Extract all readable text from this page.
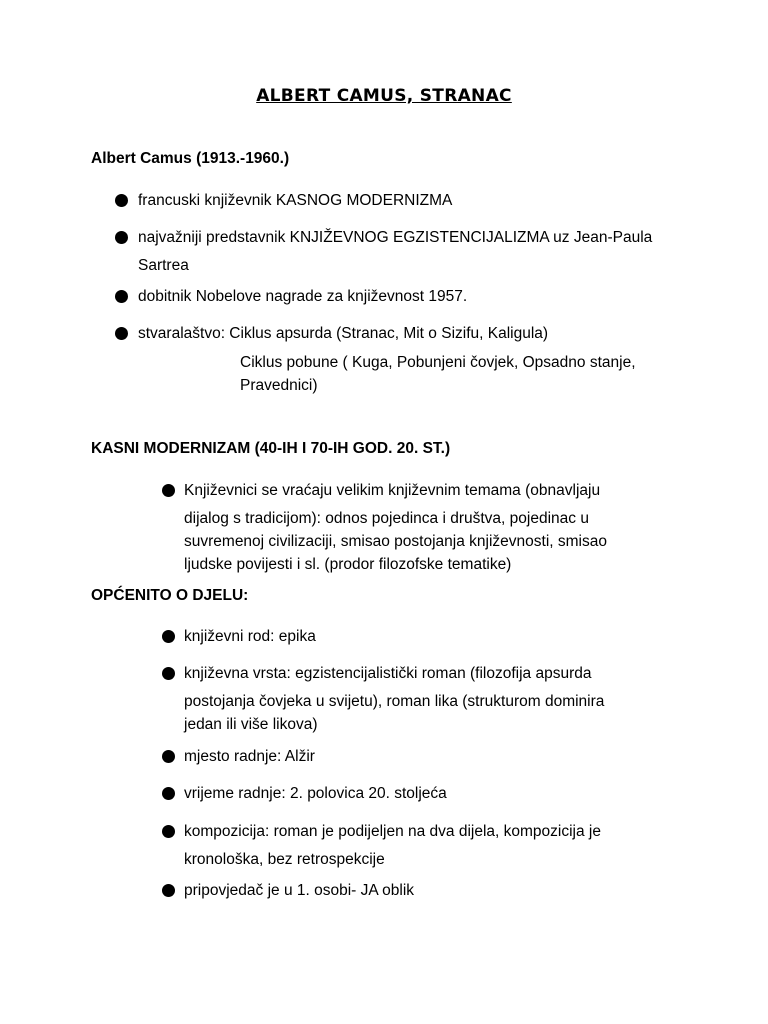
ALBERT CAMUS, STRANAC
Albert Camus (1913.-1960.)
francuski književnik KASNOG MODERNIZMA
najvažniji predstavnik KNJIŽEVNOG EGZISTENCIJALIZMA uz Jean-Paula
Sartrea
dobitnik Nobelove nagrade za književnost 1957.
stvaralaštvo: Ciklus apsurda (Stranac, Mit o Sizifu, Kaligula)
Ciklus pobune ( Kuga, Pobunjeni čovjek, Opsadno stanje,
Pravednici)
KASNI MODERNIZAM (40-IH I 70-IH GOD. 20. ST.)
Književnici se vraćaju velikim književnim temama (obnavljaju
dijalog s tradicijom): odnos pojedinca i društva, pojedinac u
suvremenoj civilizaciji, smisao postojanja književnosti, smisao
ljudske povijesti i sl. (prodor filozofske tematike)
OPĆENITO O DJELU:
književni rod: epika
književna vrsta: egzistencijalistički roman (filozofija apsurda
postojanja čovjeka u svijetu), roman lika (strukturom dominira
jedan ili više likova)
mjesto radnje: Alžir
vrijeme radnje: 2. polovica 20. stoljeća
kompozicija: roman je podijeljen na dva dijela, kompozicija je
kronološka, bez retrospekcije
pripovjedač je u 1. osobi- JA oblik
